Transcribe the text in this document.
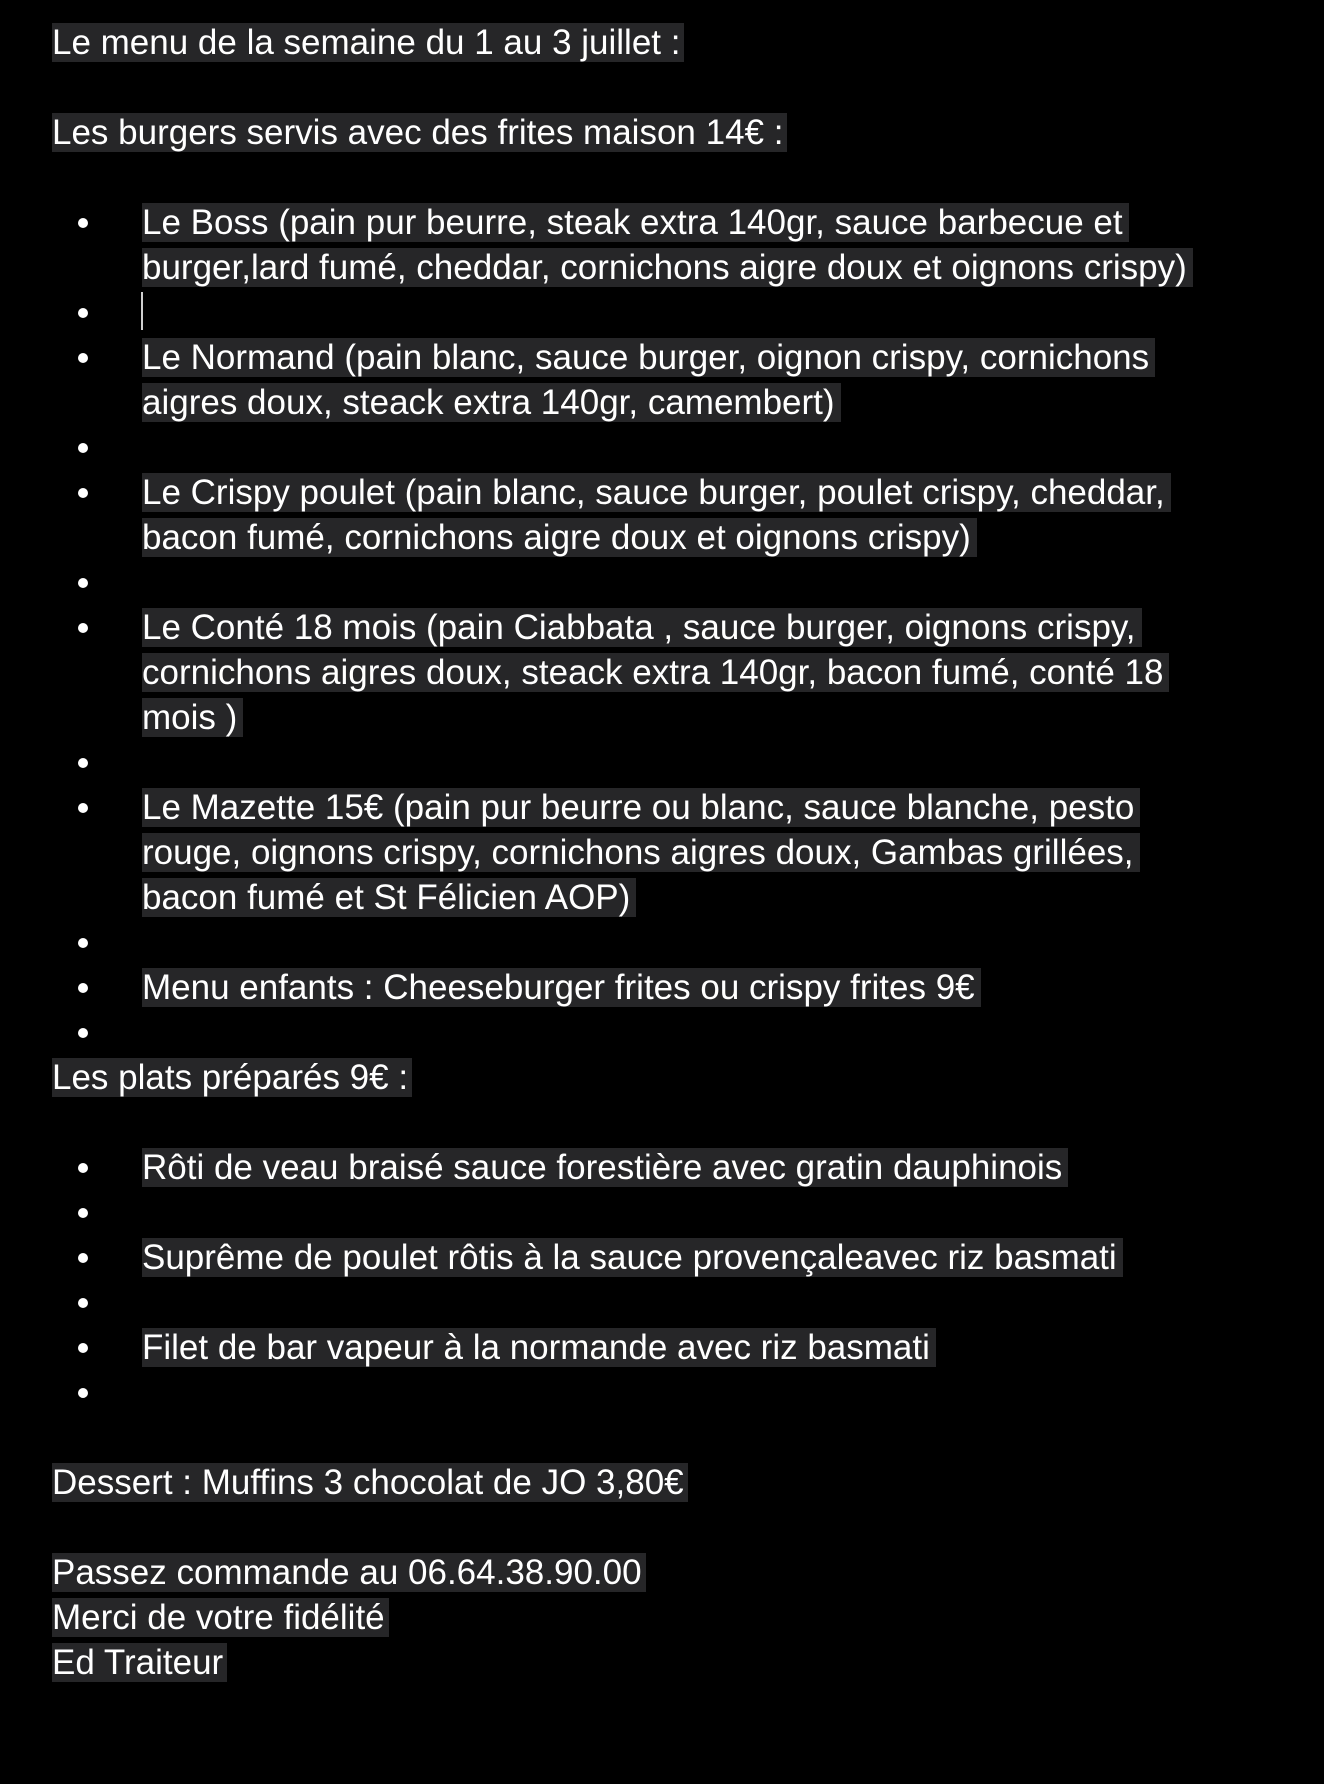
Le menu de la semaine du 1 au 3 juillet :
Les burgers servis avec des frites maison 14€ :
Le Boss (pain pur beurre, steak extra 140gr, sauce barbecue et burger,lard fumé, cheddar, cornichons aigre doux et oignons crispy)
Le Normand (pain blanc, sauce burger, oignon crispy, cornichons aigres doux, steack extra 140gr, camembert)
Le Crispy poulet (pain blanc, sauce burger, poulet crispy, cheddar, bacon fumé, cornichons aigre doux et oignons crispy)
Le Conté 18 mois (pain Ciabbata , sauce burger, oignons crispy, cornichons aigres doux, steack extra 140gr, bacon fumé, conté 18 mois )
Le Mazette 15€ (pain pur beurre ou blanc, sauce blanche, pesto rouge, oignons crispy, cornichons aigres doux, Gambas grillées, bacon fumé et St Félicien AOP)
Menu enfants : Cheeseburger frites ou crispy frites 9€
Les plats préparés 9€ :
Rôti de veau braisé sauce forestière avec gratin dauphinois
Suprême de poulet rôtis à la sauce provençaleavec riz basmati
Filet de bar vapeur à la normande avec riz basmati
Dessert : Muffins 3 chocolat de JO 3,80€
Passez commande au 06.64.38.90.00
Merci de votre fidélité
Ed Traiteur
